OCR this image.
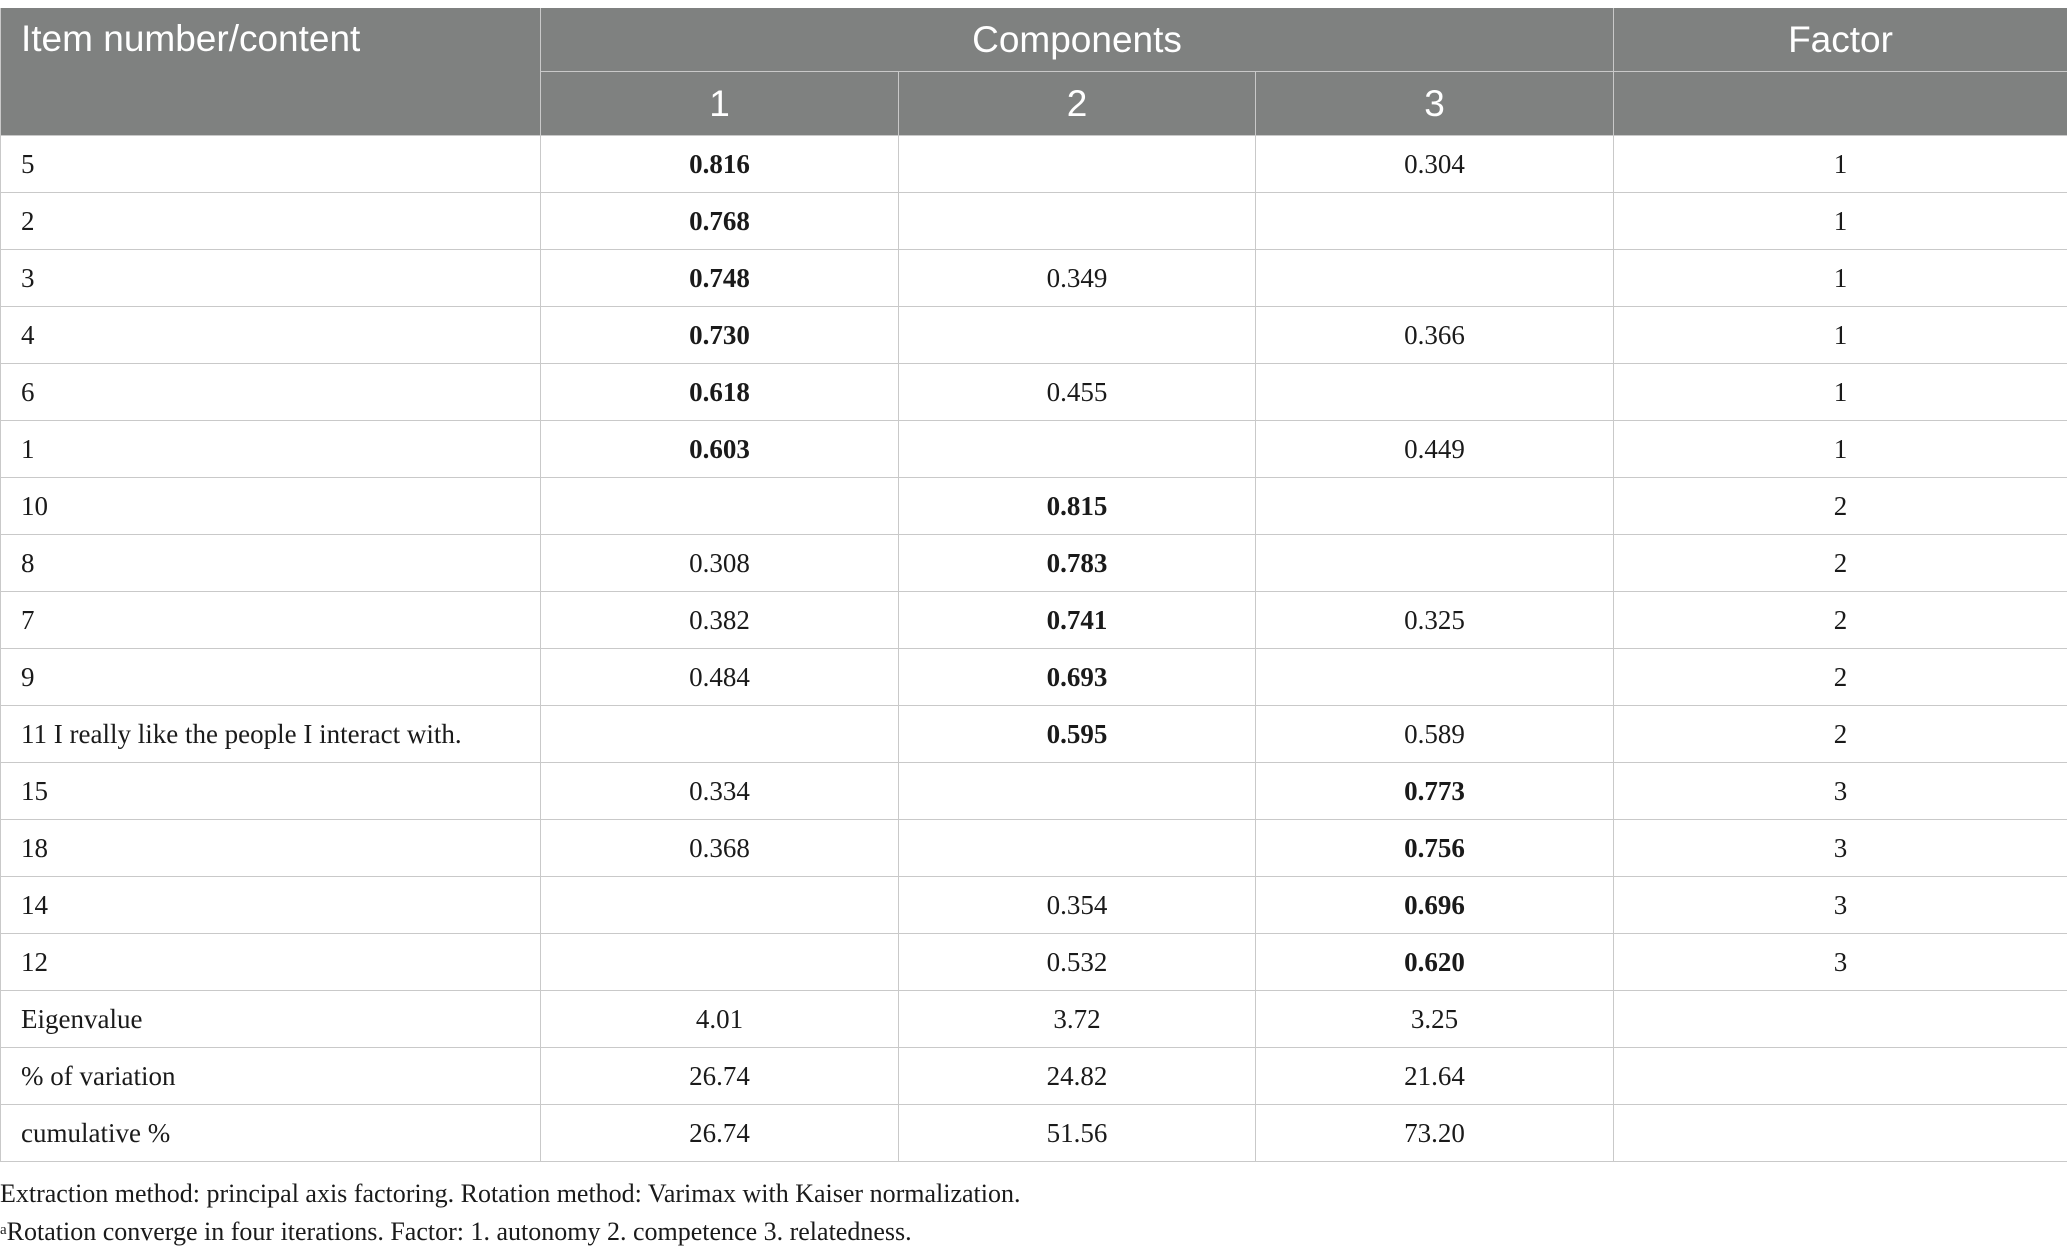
Item number/content	Components			Factor
	1	2	3	
5	0.816		0.304	1
2	0.768			1
3	0.748	0.349		1
4	0.730		0.366	1
6	0.618	0.455		1
1	0.603		0.449	1
10		0.815		2
8	0.308	0.783		2
7	0.382	0.741	0.325	2
9	0.484	0.693		2
11 I really like the people I interact with.		0.595	0.589	2
15	0.334		0.773	3
18	0.368		0.756	3
14		0.354	0.696	3
12		0.532	0.620	3
Eigenvalue	4.01	3.72	3.25	
% of variation	26.74	24.82	21.64	
cumulative %	26.74	51.56	73.20	
Extraction method: principal axis factoring. Rotation method: Varimax with Kaiser normalization.
$^a$Rotation converge in four iterations. Factor: 1. autonomy 2. competence 3. relatedness.
